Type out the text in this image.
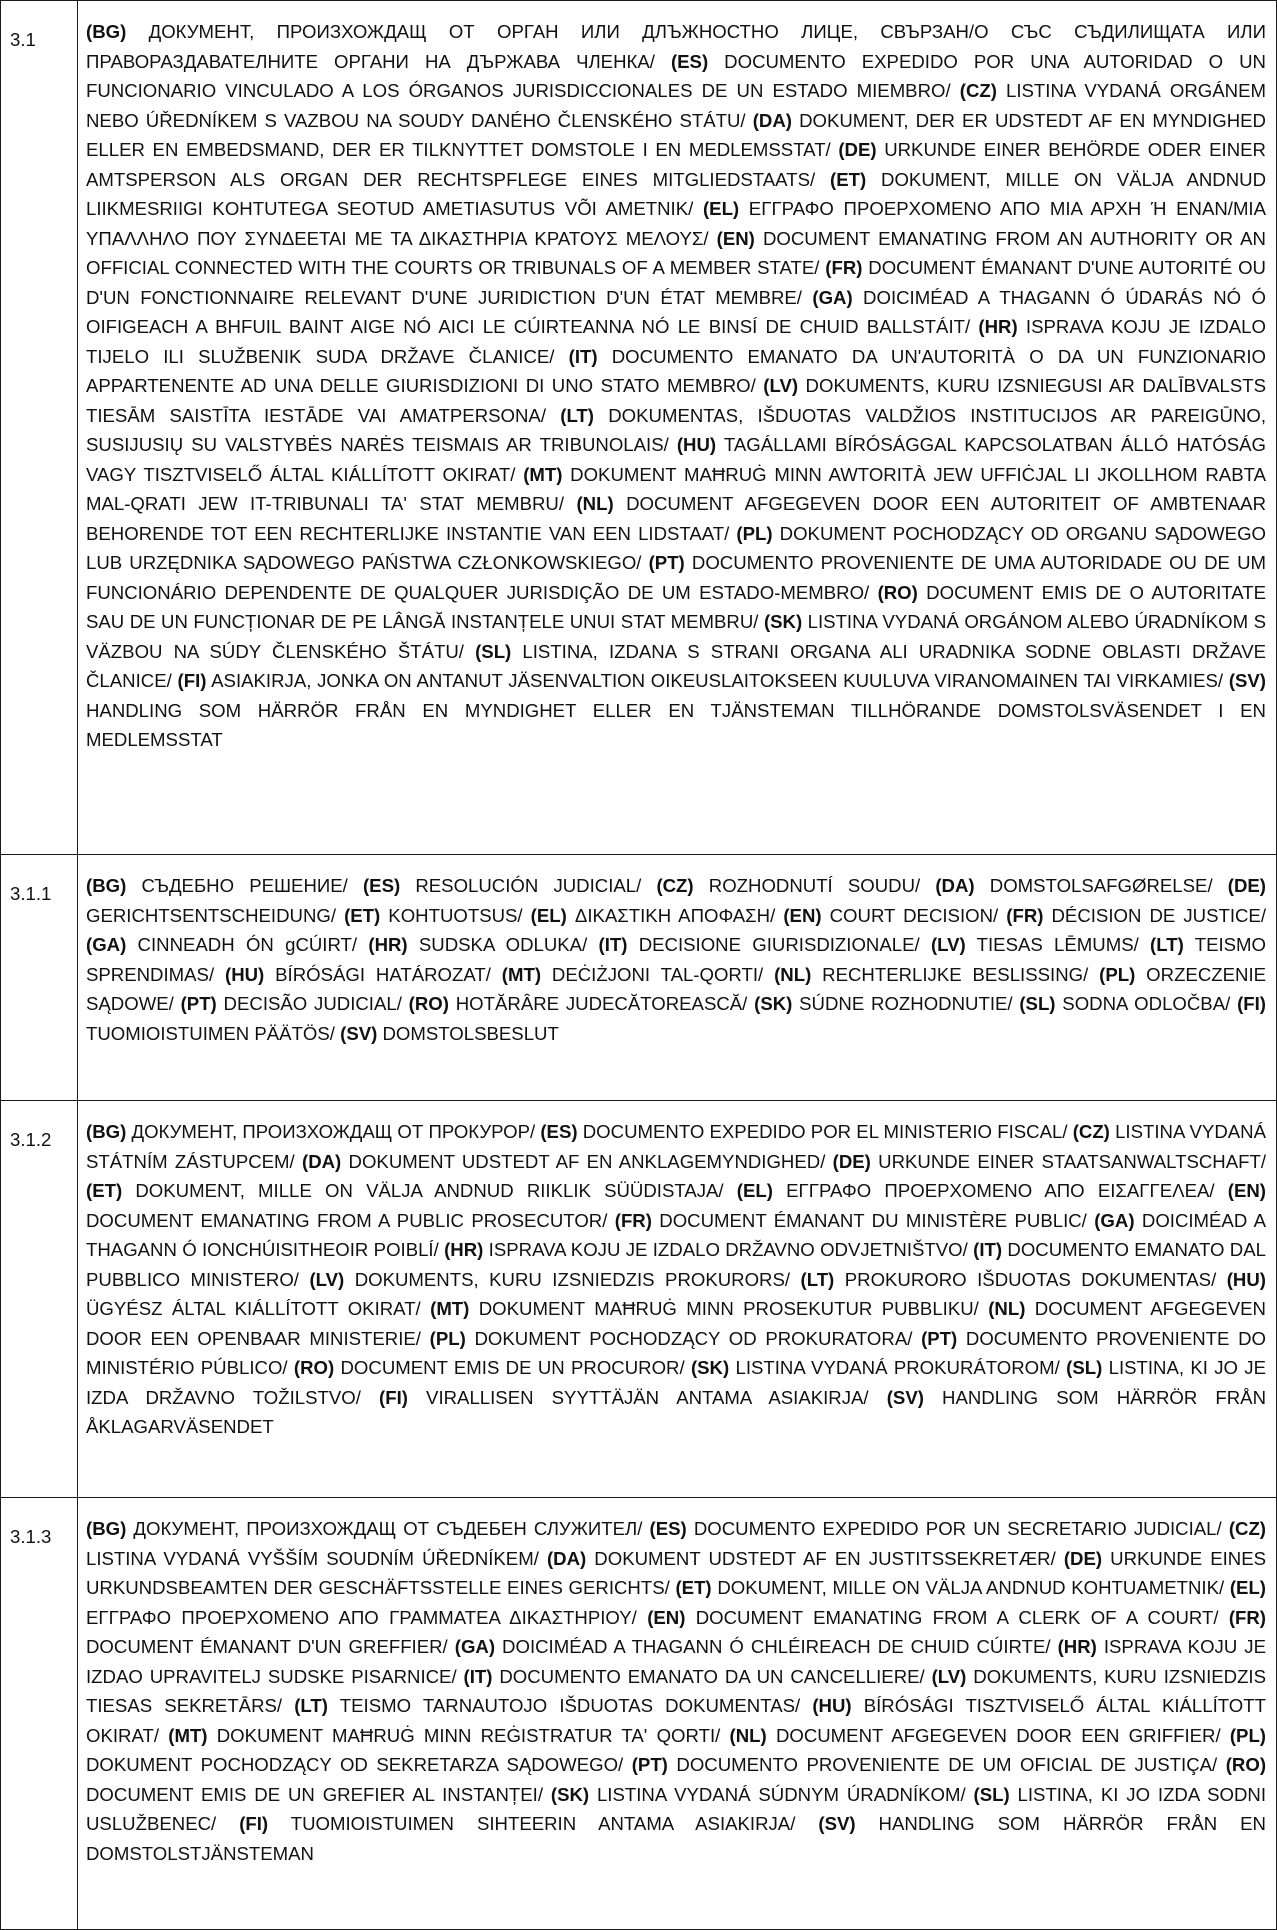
3.1	(BG) ДОКУМЕНТ, ПРОИЗХОЖДАЩ ОТ ОРГАН ИЛИ ДЛЪЖНОСТНО ЛИЦЕ, СВЪРЗАН/О СЪС СЪДИЛИЩАТА ИЛИ ПРАВОРАЗДАВАТЕЛНИТЕ ОРГАНИ НА ДЪРЖАВА ЧЛЕНКА/ (ES) DOCUMENTO EXPEDIDO POR UNA AUTORIDAD O UN FUNCIONARIO VINCULADO A LOS ÓRGANOS JURISDICCIONALES DE UN ESTADO MIEMBRO/ (CZ) LISTINA VYDANÁ ORGÁNEM NEBO ÚŘEDNÍKEM S VAZBOU NA SOUDY DANÉHO ČLENSKÉHO STÁTU/ (DA) DOKUMENT, DER ER UDSTEDT AF EN MYNDIGHED ELLER EN EMBEDSMAND, DER ER TILKNYTTET DOMSTOLE I EN MEDLEMSSTAT/ (DE) URKUNDE EINER BEHÖRDE ODER EINER AMTSPERSON ALS ORGAN DER RECHTSPFLEGE EINES MITGLIEDSTAATS/ (ET) DOKUMENT, MILLE ON VÄLJA ANDNUD LIIKMESRIIGI KOHTUTEGA SEOTUD AMETIASUTUS VÕI AMETNIK/ (EL) ΕΓΓΡΑΦΟ ΠΡΟΕΡΧΟΜΕΝΟ ΑΠΟ ΜΙΑ ΑΡΧΗ Ή ΕΝΑΝ/ΜΙΑ ΥΠΑΛΛΗΛΟ ΠΟΥ ΣΥΝΔΕΕΤΑΙ ΜΕ ΤΑ ΔΙΚΑΣΤΗΡΙΑ ΚΡΑΤΟΥΣ ΜΕΛΟΥΣ/ (EN) DOCUMENT EMANATING FROM AN AUTHORITY OR AN OFFICIAL CONNECTED WITH THE COURTS OR TRIBUNALS OF A MEMBER STATE/ (FR) DOCUMENT ÉMANANT D'UNE AUTORITÉ OU D'UN FONCTIONNAIRE RELEVANT D'UNE JURIDICTION D'UN ÉTAT MEMBRE/ (GA) DOICIMÉAD A THAGANN Ó ÚDARÁS NÓ Ó OIFIGEACH A BHFUIL BAINT AIGE NÓ AICI LE CÚIRTEANNA NÓ LE BINSÍ DE CHUID BALLSTÁIT/ (HR) ISPRAVA KOJU JE IZDALO TIJELO ILI SLUŽBENIK SUDA DRŽAVE ČLANICE/ (IT) DOCUMENTO EMANATO DA UN'AUTORITÀ O DA UN FUNZIONARIO APPARTENENTE AD UNA DELLE GIURISDIZIONI DI UNO STATO MEMBRO/ (LV) DOKUMENTS, KURU IZSNIEGUSI AR DALĪBVALSTS TIESĀM SAISTĪTA IESTĀDE VAI AMATPERSONA/ (LT) DOKUMENTAS, IŠDUOTAS VALDŽIOS INSTITUCIJOS AR PAREIGŪNO, SUSIJUSIŲ SU VALSTYBĖS NARĖS TEISMAIS AR TRIBUNOLAIS/ (HU) TAGÁLLAMI BÍRÓSÁGGAL KAPCSOLATBAN ÁLLÓ HATÓSÁG VAGY TISZTVISELŐ ÁLTAL KIÁLLÍTOTT OKIRAT/ (MT) DOKUMENT MAĦRUĠ MINN AWTORITÀ JEW UFFIĊJAL LI JKOLLHOM RABTA MAL-QRATI JEW IT-TRIBUNALI TA' STAT MEMBRU/ (NL) DOCUMENT AFGEGEVEN DOOR EEN AUTORITEIT OF AMBTENAAR BEHORENDE TOT EEN RECHTERLIJKE INSTANTIE VAN EEN LIDSTAAT/ (PL) DOKUMENT POCHODZĄCY OD ORGANU SĄDOWEGO LUB URZĘDNIKA SĄDOWEGO PAŃSTWA CZŁONKOWSKIEGO/ (PT) DOCUMENTO PROVENIENTE DE UMA AUTORIDADE OU DE UM FUNCIONÁRIO DEPENDENTE DE QUALQUER JURISDIÇÃO DE UM ESTADO-MEMBRO/ (RO) DOCUMENT EMIS DE O AUTORITATE SAU DE UN FUNCȚIONAR DE PE LÂNGĂ INSTANȚELE UNUI STAT MEMBRU/ (SK) LISTINA VYDANÁ ORGÁNOM ALEBO ÚRADNÍKOM S VÄZBOU NA SÚDY ČLENSKÉHO ŠTÁTU/ (SL) LISTINA, IZDANA S STRANI ORGANA ALI URADNIKA SODNE OBLASTI DRŽAVE ČLANICE/ (FI) ASIAKIRJA, JONKA ON ANTANUT JÄSENVALTION OIKEUSLAITOKSEEN KUULUVA VIRANOMAINEN TAI VIRKAMIES/ (SV) HANDLING SOM HÄRRÖR FRÅN EN MYNDIGHET ELLER EN TJÄNSTEMAN TILLHÖRANDE DOMSTOLSVÄSENDET I EN MEDLEMSSTAT
3.1.1	(BG) СЪДЕБНО РЕШЕНИЕ/ (ES) RESOLUCIÓN JUDICIAL/ (CZ) ROZHODNUTÍ SOUDU/ (DA) DOMSTOLSAFGØRELSE/ (DE) GERICHTSENTSCHEIDUNG/ (ET) KOHTUOTSUS/ (EL) ΔΙΚΑΣΤΙΚΗ ΑΠΟΦΑΣΗ/ (EN) COURT DECISION/ (FR) DÉCISION DE JUSTICE/ (GA) CINNEADH ÓN gCÚIRT/ (HR) SUDSKA ODLUKA/ (IT) DECISIONE GIURISDIZIONALE/ (LV) TIESAS LĒMUMS/ (LT) TEISMO SPRENDIMAS/ (HU) BÍRÓSÁGI HATÁROZAT/ (MT) DEĊIŻJONI TAL-QORTI/ (NL) RECHTERLIJKE BESLISSING/ (PL) ORZECZENIE SĄDOWE/ (PT) DECISÃO JUDICIAL/ (RO) HOTĂRÂRE JUDECĂTOREASCĂ/ (SK) SÚDNE ROZHODNUTIE/ (SL) SODNA ODLOČBA/ (FI) TUOMIOISTUIMEN PÄÄTÖS/ (SV) DOMSTOLSBESLUT
3.1.2	(BG) ДОКУМЕНТ, ПРОИЗХОЖДАЩ ОТ ПРОКУРОР/ (ES) DOCUMENTO EXPEDIDO POR EL MINISTERIO FISCAL/ (CZ) LISTINA VYDANÁ STÁTNÍM ZÁSTUPCEM/ (DA) DOKUMENT UDSTEDT AF EN ANKLAGEMYNDIGHED/ (DE) URKUNDE EINER STAATSANWALTSCHAFT/ (ET) DOKUMENT, MILLE ON VÄLJA ANDNUD RIIKLIK SÜÜDISTAJA/ (EL) ΕΓΓΡΑΦΟ ΠΡΟΕΡΧΟΜΕΝΟ ΑΠΟ ΕΙΣΑΓΓΕΛΕΑ/ (EN) DOCUMENT EMANATING FROM A PUBLIC PROSECUTOR/ (FR) DOCUMENT ÉMANANT DU MINISTÈRE PUBLIC/ (GA) DOICIMÉAD A THAGANN Ó IONCHÚISITHEOIR POIBLÍ/ (HR) ISPRAVA KOJU JE IZDALO DRŽAVNO ODVJETNIŠTVO/ (IT) DOCUMENTO EMANATO DAL PUBBLICO MINISTERO/ (LV) DOKUMENTS, KURU IZSNIEDZIS PROKURORS/ (LT) PROKURORO IŠDUOTAS DOKUMENTAS/ (HU) ÜGYÉSZ ÁLTAL KIÁLLÍTOTT OKIRAT/ (MT) DOKUMENT MAĦRUĠ MINN PROSEKUTUR PUBBLIKU/ (NL) DOCUMENT AFGEGEVEN DOOR EEN OPENBAAR MINISTERIE/ (PL) DOKUMENT POCHODZĄCY OD PROKURATORA/ (PT) DOCUMENTO PROVENIENTE DO MINISTÉRIO PÚBLICO/ (RO) DOCUMENT EMIS DE UN PROCUROR/ (SK) LISTINA VYDANÁ PROKURÁTOROM/ (SL) LISTINA, KI JO JE IZDA DRŽAVNO TOŽILSTVO/ (FI) VIRALLISEN SYYTTÄJÄN ANTAMA ASIAKIRJA/ (SV) HANDLING SOM HÄRRÖR FRÅN ÅKLAGARVÄSENDET
3.1.3	(BG) ДОКУМЕНТ, ПРОИЗХОЖДАЩ ОТ СЪДЕБЕН СЛУЖИТЕЛ/ (ES) DOCUMENTO EXPEDIDO POR UN SECRETARIO JUDICIAL/ (CZ) LISTINA VYDANÁ VYŠŠÍM SOUDNÍM ÚŘEDNÍKEM/ (DA) DOKUMENT UDSTEDT AF EN JUSTITSSEKRETÆR/ (DE) URKUNDE EINES URKUNDSBEAMTEN DER GESCHÄFTSSTELLE EINES GERICHTS/ (ET) DOKUMENT, MILLE ON VÄLJA ANDNUD KOHTUAMETNIK/ (EL) ΕΓΓΡΑΦΟ ΠΡΟΕΡΧΟΜΕΝΟ ΑΠΟ ΓΡΑΜΜΑΤΕΑ ΔΙΚΑΣΤΗΡΙΟΥ/ (EN) DOCUMENT EMANATING FROM A CLERK OF A COURT/ (FR) DOCUMENT ÉMANANT D'UN GREFFIER/ (GA) DOICIMÉAD A THAGANN Ó CHLÉIREACH DE CHUID CÚIRTE/ (HR) ISPRAVA KOJU JE IZDAO UPRAVITELJ SUDSKE PISARNICE/ (IT) DOCUMENTO EMANATO DA UN CANCELLIERE/ (LV) DOKUMENTS, KURU IZSNIEDZIS TIESAS SEKRETĀRS/ (LT) TEISMO TARNAUTOJO IŠDUOTAS DOKUMENTAS/ (HU) BÍRÓSÁGI TISZTVISELŐ ÁLTAL KIÁLLÍTOTT OKIRAT/ (MT) DOKUMENT MAĦRUĠ MINN REĠISTRATUR TA' QORTI/ (NL) DOCUMENT AFGEGEVEN DOOR EEN GRIFFIER/ (PL) DOKUMENT POCHODZĄCY OD SEKRETARZA SĄDOWEGO/ (PT) DOCUMENTO PROVENIENTE DE UM OFICIAL DE JUSTIÇA/ (RO) DOCUMENT EMIS DE UN GREFIER AL INSTANȚEI/ (SK) LISTINA VYDANÁ SÚDNYM ÚRADNÍKOM/ (SL) LISTINA, KI JO IZDA SODNI USLUŽBENEC/ (FI) TUOMIOISTUIMEN SIHTEERIN ANTAMA ASIAKIRJA/ (SV) HANDLING SOM HÄRRÖR FRÅN EN DOMSTOLSTJÄNSTEMAN
